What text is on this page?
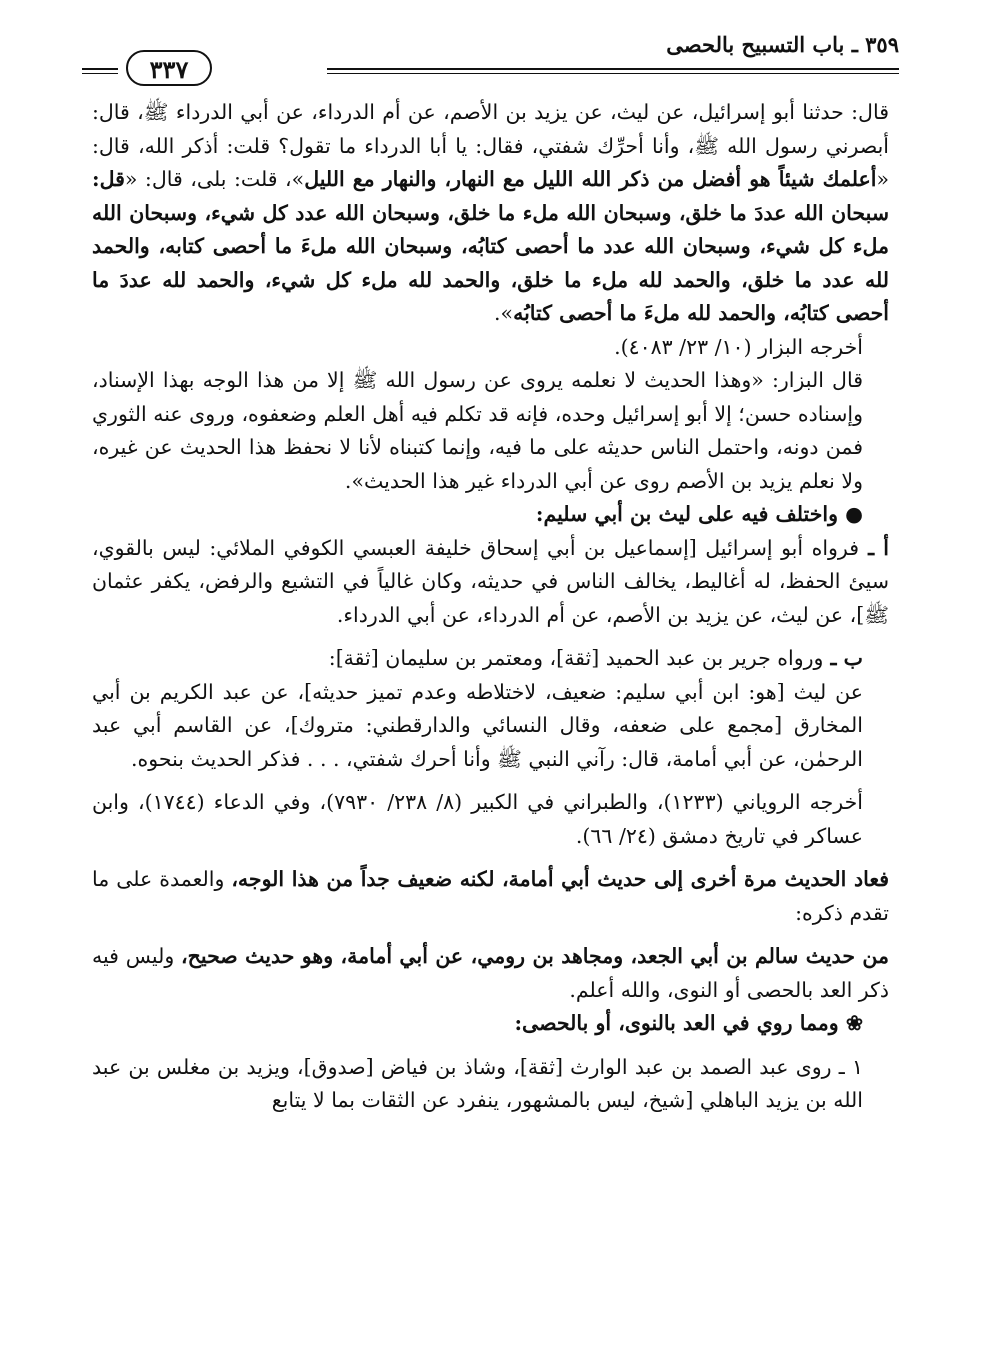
٣٥٩ ـ باب التسبيح بالحصى
٣٣٧

قال: حدثنا أبو إسرائيل، عن ليث، عن يزيد بن الأصم، عن أم الدرداء، عن أبي الدرداء ﷺ، قال: أبصرني رسول الله ﷺ، وأنا أحرِّك شفتي، فقال: يا أبا الدرداء ما تقول؟ قلت: أذكر الله، قال: «أعلمك شيئاً هو أفضل من ذكر الله الليل مع النهار، والنهار مع الليل»، قلت: بلى، قال: «قل: سبحان الله عددَ ما خلق، وسبحان الله ملء ما خلق، وسبحان الله عدد كل شيء، وسبحان الله ملء كل شيء، وسبحان الله عدد ما أحصى كتابُه، وسبحان الله ملءَ ما أحصى كتابه، والحمد لله عدد ما خلق، والحمد لله ملء ما خلق، والحمد لله ملء كل شيء، والحمد لله عددَ ما أحصى كتابُه، والحمد لله ملءَ ما أحصى كتابُه».

أخرجه البزار (١٠/ ٢٣/ ٤٠٨٣).

قال البزار: «وهذا الحديث لا نعلمه يروى عن رسول الله ﷺ إلا من هذا الوجه بهذا الإسناد، وإسناده حسن؛ إلا أبو إسرائيل وحده، فإنه قد تكلم فيه أهل العلم وضعفوه، وروى عنه الثوري فمن دونه، واحتمل الناس حديثه على ما فيه، وإنما كتبناه لأنا لا نحفظ هذا الحديث عن غيره، ولا نعلم يزيد بن الأصم روى عن أبي الدرداء غير هذا الحديث».

● واختلف فيه على ليث بن أبي سليم:

أ ـ فرواه أبو إسرائيل [إسماعيل بن أبي إسحاق خليفة العبسي الكوفي الملائي: ليس بالقوي، سيئ الحفظ، له أغاليط، يخالف الناس في حديثه، وكان غالياً في التشيع والرفض، يكفر عثمان ﷺ]، عن ليث، عن يزيد بن الأصم، عن أم الدرداء، عن أبي الدرداء.

ب ـ ورواه جرير بن عبد الحميد [ثقة]، ومعتمر بن سليمان [ثقة]:

عن ليث [هو: ابن أبي سليم: ضعيف، لاختلاطه وعدم تميز حديثه]، عن عبد الكريم بن أبي المخارق [مجمع على ضعفه، وقال النسائي والدارقطني: متروك]، عن القاسم أبي عبد الرحمٰن، عن أبي أمامة، قال: رآني النبي ﷺ وأنا أحرك شفتي، . . . فذكر الحديث بنحوه.

أخرجه الروياني (١٢٣٣)، والطبراني في الكبير (٨/ ٢٣٨/ ٧٩٣٠)، وفي الدعاء (١٧٤٤)، وابن عساكر في تاريخ دمشق (٢٤/ ٦٦).

فعاد الحديث مرة أخرى إلى حديث أبي أمامة، لكنه ضعيف جداً من هذا الوجه، والعمدة على ما تقدم ذكره:

من حديث سالم بن أبي الجعد، ومجاهد بن رومي، عن أبي أمامة، وهو حديث صحيح، وليس فيه ذكر العد بالحصى أو النوى، والله أعلم.

❀ ومما روي في العد بالنوى، أو بالحصى:

١ ـ روى عبد الصمد بن عبد الوارث [ثقة]، وشاذ بن فياض [صدوق]، ويزيد بن مغلس بن عبد الله بن يزيد الباهلي [شيخ، ليس بالمشهور، ينفرد عن الثقات بما لا يتابع
